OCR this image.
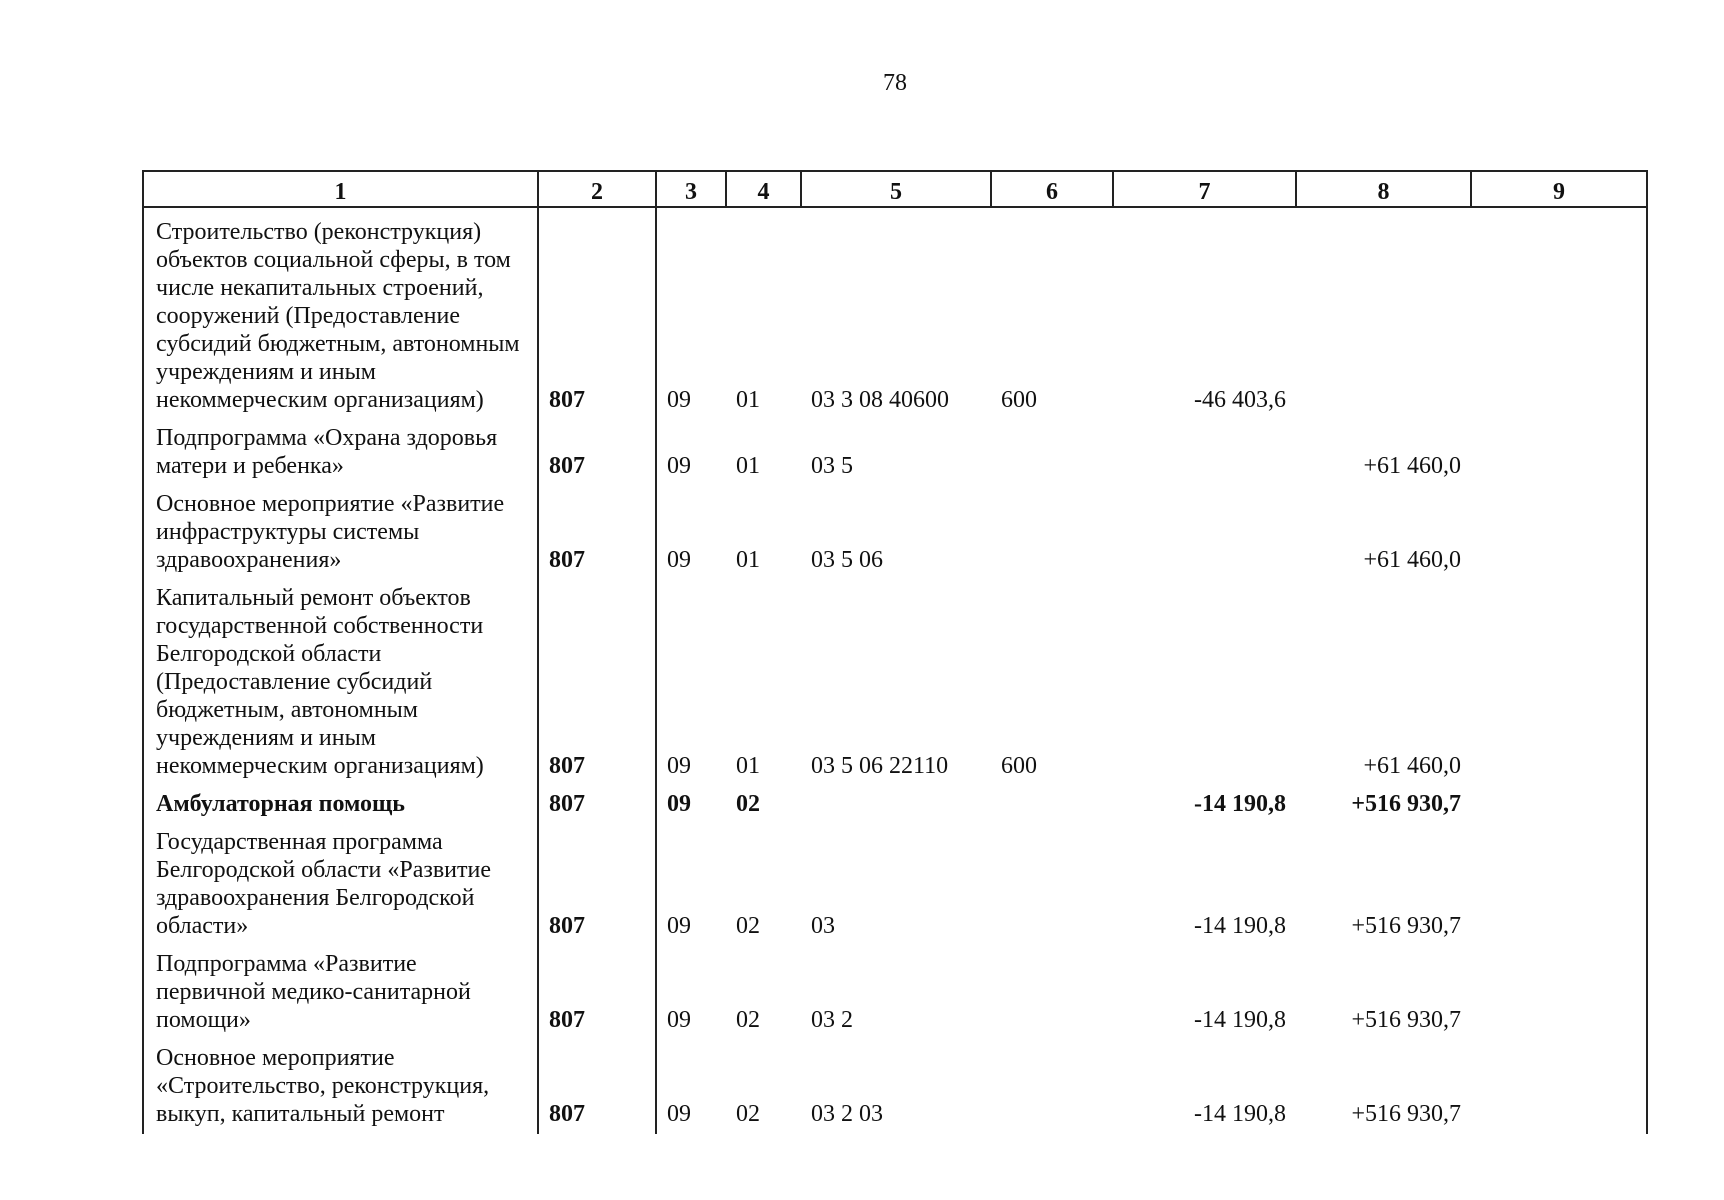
78
1	2	3	4	5	6	7	8	9
Строительство (реконструкция) объектов социальной сферы, в том числе некапитальных строений, сооружений (Предоставление субсидий бюджетным, автономным учреждениям и иным некоммерческим организациям)	807	09	01	03 3 08 40600	600	-46 403,6		
Подпрограмма «Охрана здоровья матери и ребенка»	807	09	01	03 5			+61 460,0	
Основное мероприятие «Развитие инфраструктуры системы здравоохранения»	807	09	01	03 5 06			+61 460,0	
Капитальный ремонт объектов государственной собственности Белгородской области (Предоставление субсидий бюджетным, автономным учреждениям и иным некоммерческим организациям)	807	09	01	03 5 06 22110	600		+61 460,0	
Амбулаторная помощь	807	09	02			-14 190,8	+516 930,7	
Государственная программа Белгородской области «Развитие здравоохранения Белгородской области»	807	09	02	03		-14 190,8	+516 930,7	
Подпрограмма «Развитие первичной медико-санитарной помощи»	807	09	02	03 2		-14 190,8	+516 930,7	
Основное мероприятие «Строительство, реконструкция, выкуп, капитальный ремонт	807	09	02	03 2 03		-14 190,8	+516 930,7	
